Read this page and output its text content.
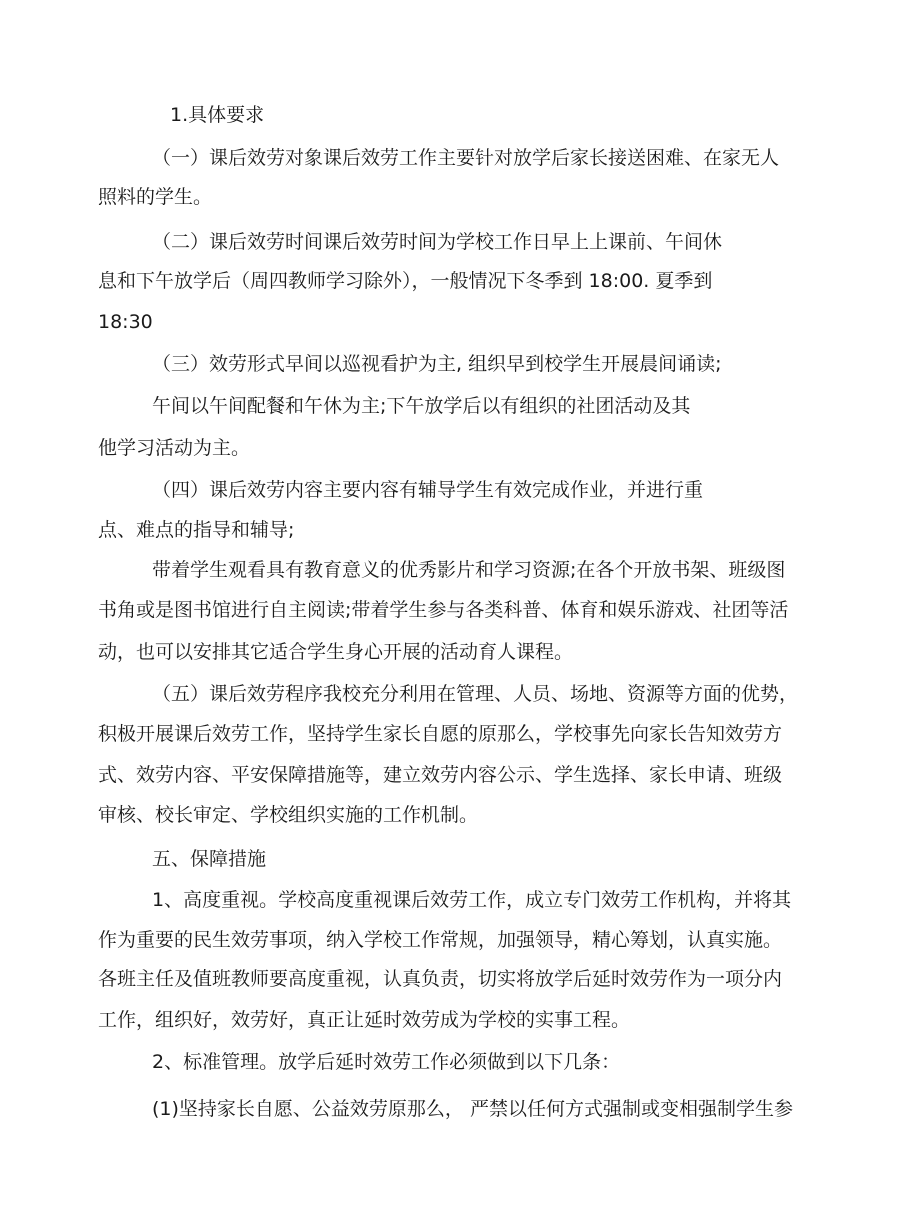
1.具体要求

（一）课后效劳对象课后效劳工作主要针对放学后家长接送困难、在家无人

照料的学生。

（二）课后效劳时间课后效劳时间为学校工作日早上上课前、午间休

息和下午放学后（周四教师学习除外），一般情况下冬季到 18:00. 夏季到

18:30

（三）效劳形式早间以巡视看护为主, 组织早到校学生开展晨间诵读;

午间以午间配餐和午休为主;下午放学后以有组织的社团活动及其

他学习活动为主。

（四）课后效劳内容主要内容有辅导学生有效完成作业，并进行重

点、难点的指导和辅导;

带着学生观看具有教育意义的优秀影片和学习资源;在各个开放书架、班级图

书角或是图书馆进行自主阅读;带着学生参与各类科普、体育和娱乐游戏、社团等活

动，也可以安排其它适合学生身心开展的活动育人课程。

（五）课后效劳程序我校充分利用在管理、人员、场地、资源等方面的优势，

积极开展课后效劳工作，坚持学生家长自愿的原那么，学校事先向家长告知效劳方

式、效劳内容、平安保障措施等，建立效劳内容公示、学生选择、家长申请、班级

审核、校长审定、学校组织实施的工作机制。

五、保障措施

1、高度重视。学校高度重视课后效劳工作，成立专门效劳工作机构，并将其

作为重要的民生效劳事项，纳入学校工作常规，加强领导，精心筹划，认真实施。

各班主任及值班教师要高度重视，认真负责，切实将放学后延时效劳作为一项分内

工作，组织好，效劳好，真正让延时效劳成为学校的实事工程。

2、标准管理。放学后延时效劳工作必须做到以下几条：

(1)坚持家长自愿、公益效劳原那么， 严禁以任何方式强制或变相强制学生参
